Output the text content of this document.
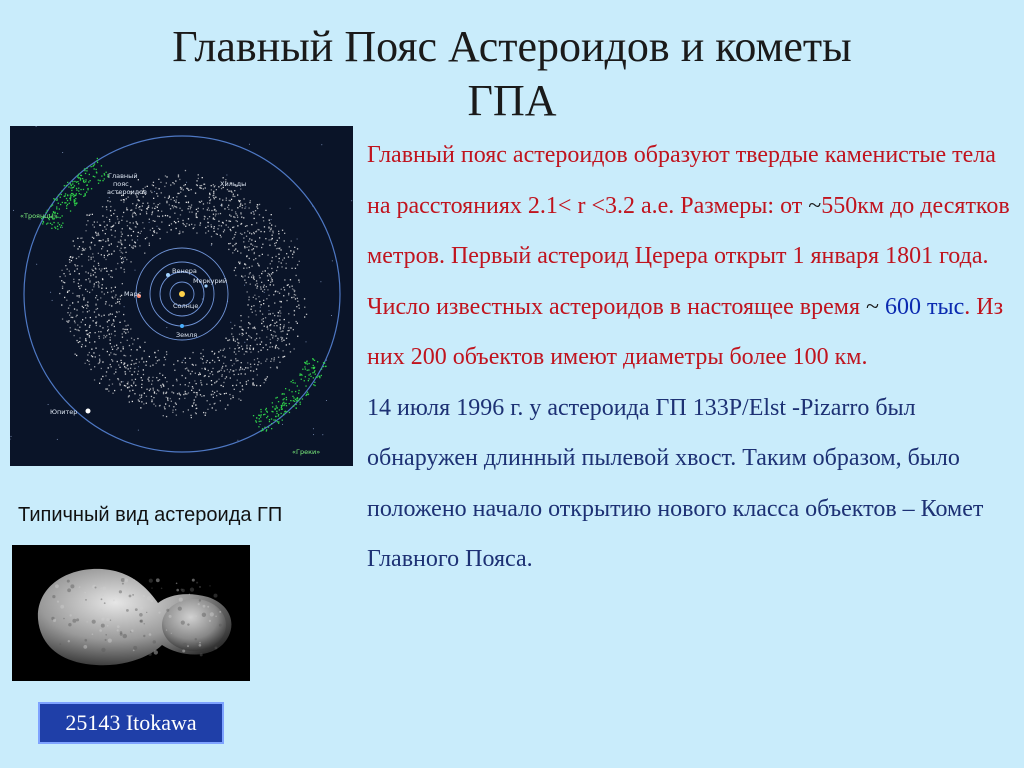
Главный Пояс Астероидов и кометы
ГПА
Главный
пояс
астероидов
Хильды
«Троянцы»
«Греки»
Юпитер
Венера
Меркурий
Марс
Солнце
Земля
Типичный вид астероида ГП
25143 Itokawa

Главный пояс астероидов образуют твердые каменистые тела на расстояниях 2.1< r <3.2 а.е. Размеры: от ~550км до десятков метров. Первый астероид Церера открыт 1 января 1801 года. Число известных астероидов в настоящее время ~ 600 тыс. Из них 200 объектов имеют диаметры более 100 км.

14 июля 1996 г. у астероида ГП 133P/Elst -Pizarro был обнаружен длинный пылевой хвост. Таким образом, было положено начало открытию нового класса объектов – Комет Главного Пояса.
